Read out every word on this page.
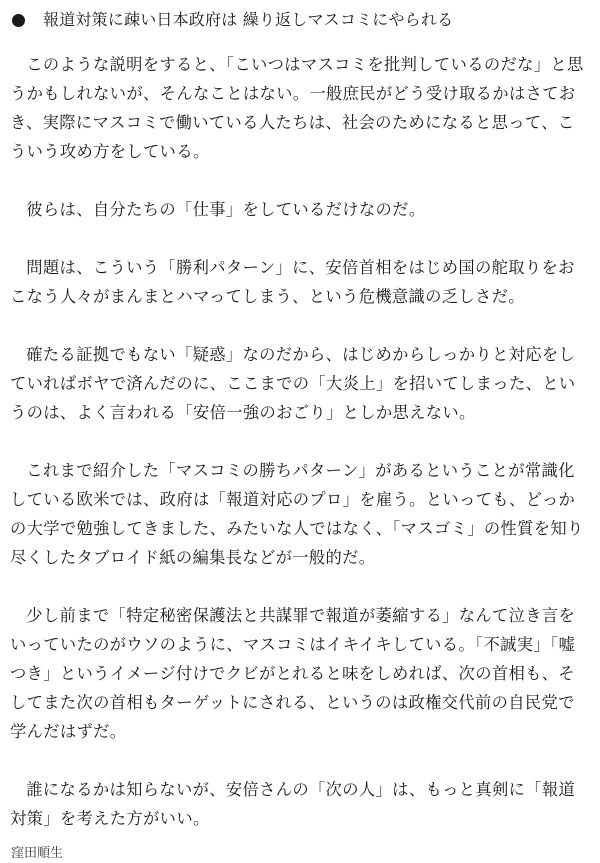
報道対策に疎い日本政府は 繰り返しマスコミにやられる

このような説明をすると、「こいつはマスコミを批判しているのだな」と思うかもしれないが、そんなことはない。一般庶民がどう受け取るかはさておき、実際にマスコミで働いている人たちは、社会のためになると思って、こういう攻め方をしている。

彼らは、自分たちの「仕事」をしているだけなのだ。

問題は、こういう「勝利パターン」に、安倍首相をはじめ国の舵取りをおこなう人々がまんまとハマってしまう、という危機意識の乏しさだ。

確たる証拠でもない「疑惑」なのだから、はじめからしっかりと対応をしていればボヤで済んだのに、ここまでの「大炎上」を招いてしまった、というのは、よく言われる「安倍一強のおごり」としか思えない。

これまで紹介した「マスコミの勝ちパターン」があるということが常識化している欧米では、政府は「報道対応のプロ」を雇う。といっても、どっかの大学で勉強してきました、みたいな人ではなく、「マスゴミ」の性質を知り尽くしたタブロイド紙の編集長などが一般的だ。

少し前まで「特定秘密保護法と共謀罪で報道が萎縮する」なんて泣き言をいっていたのがウソのように、マスコミはイキイキしている。「不誠実」「嘘つき」というイメージ付けでクビがとれると味をしめれば、次の首相も、そしてまた次の首相もターゲットにされる、というのは政権交代前の自民党で学んだはずだ。

誰になるかは知らないが、安倍さんの「次の人」は、もっと真剣に「報道対策」を考えた方がいい。

窪田順生
